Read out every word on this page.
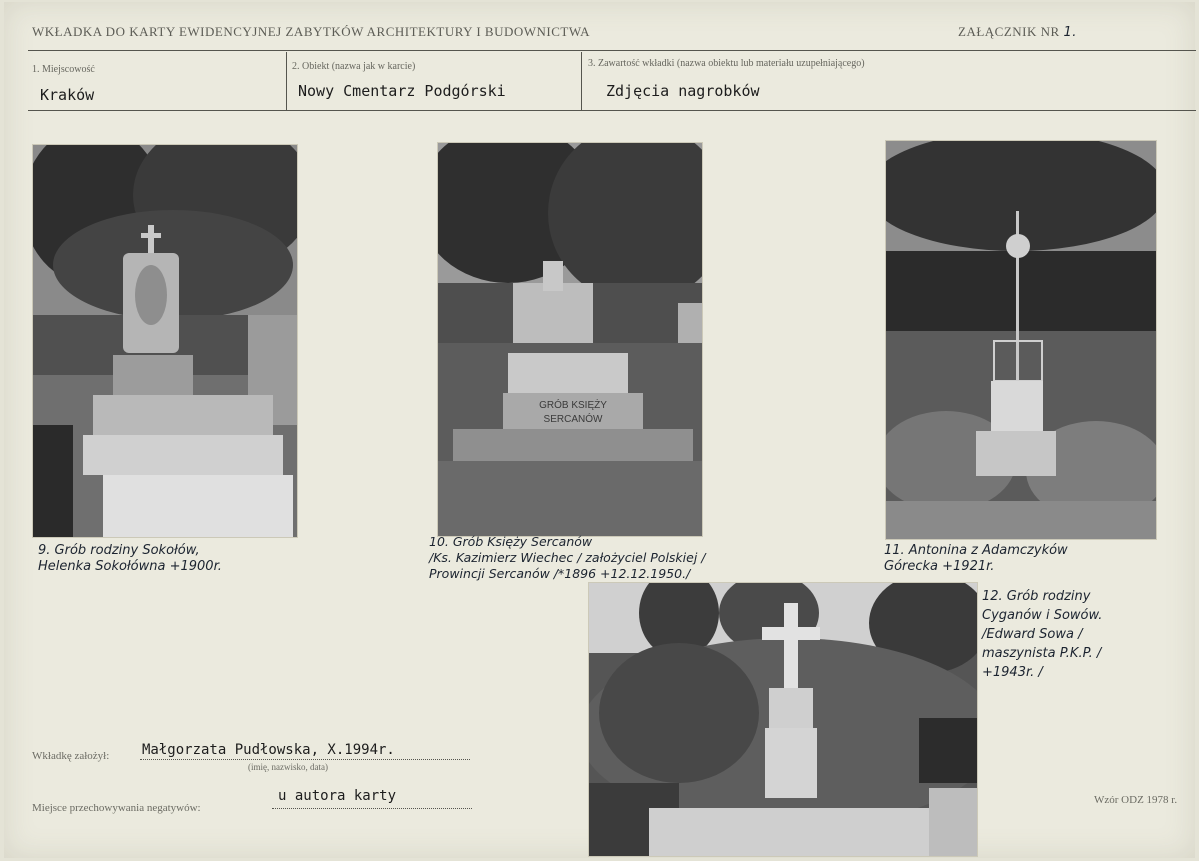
WKŁADKA DO KARTY EWIDENCYJNEJ ZABYTKÓW ARCHITEKTURY I BUDOWNICTWA	ZAŁĄCZNIK NR 1.
1. Miejscowość
Kraków
2. Obiekt (nazwa jak w karcie)
Nowy Cmentarz Podgórski
3. Zawartość wkładki (nazwa obiektu lub materiału uzupełniającego)
Zdjęcia nagrobków
GRÓB KSIĘŻY
SERCANÓW
9. Grób rodziny Sokołów,
Helenka Sokołówna +1900r.
10. Grób Księży Sercanów
/Ks. Kazimierz Wiechec / założyciel Polskiej /
Prowincji Sercanów /*1896 +12.12.1950./
11. Antonina z Adamczyków
Górecka +1921r.
12. Grób rodziny
Cyganów i Sowów.
/Edward Sowa /
maszynista P.K.P. /
+1943r. /
Wkładkę założył: Małgorzata Pudłowska, X.1994r.
(imię, nazwisko, data)
Miejsce przechowywania negatywów:
u autora karty	Wzór ODZ 1978 r.
